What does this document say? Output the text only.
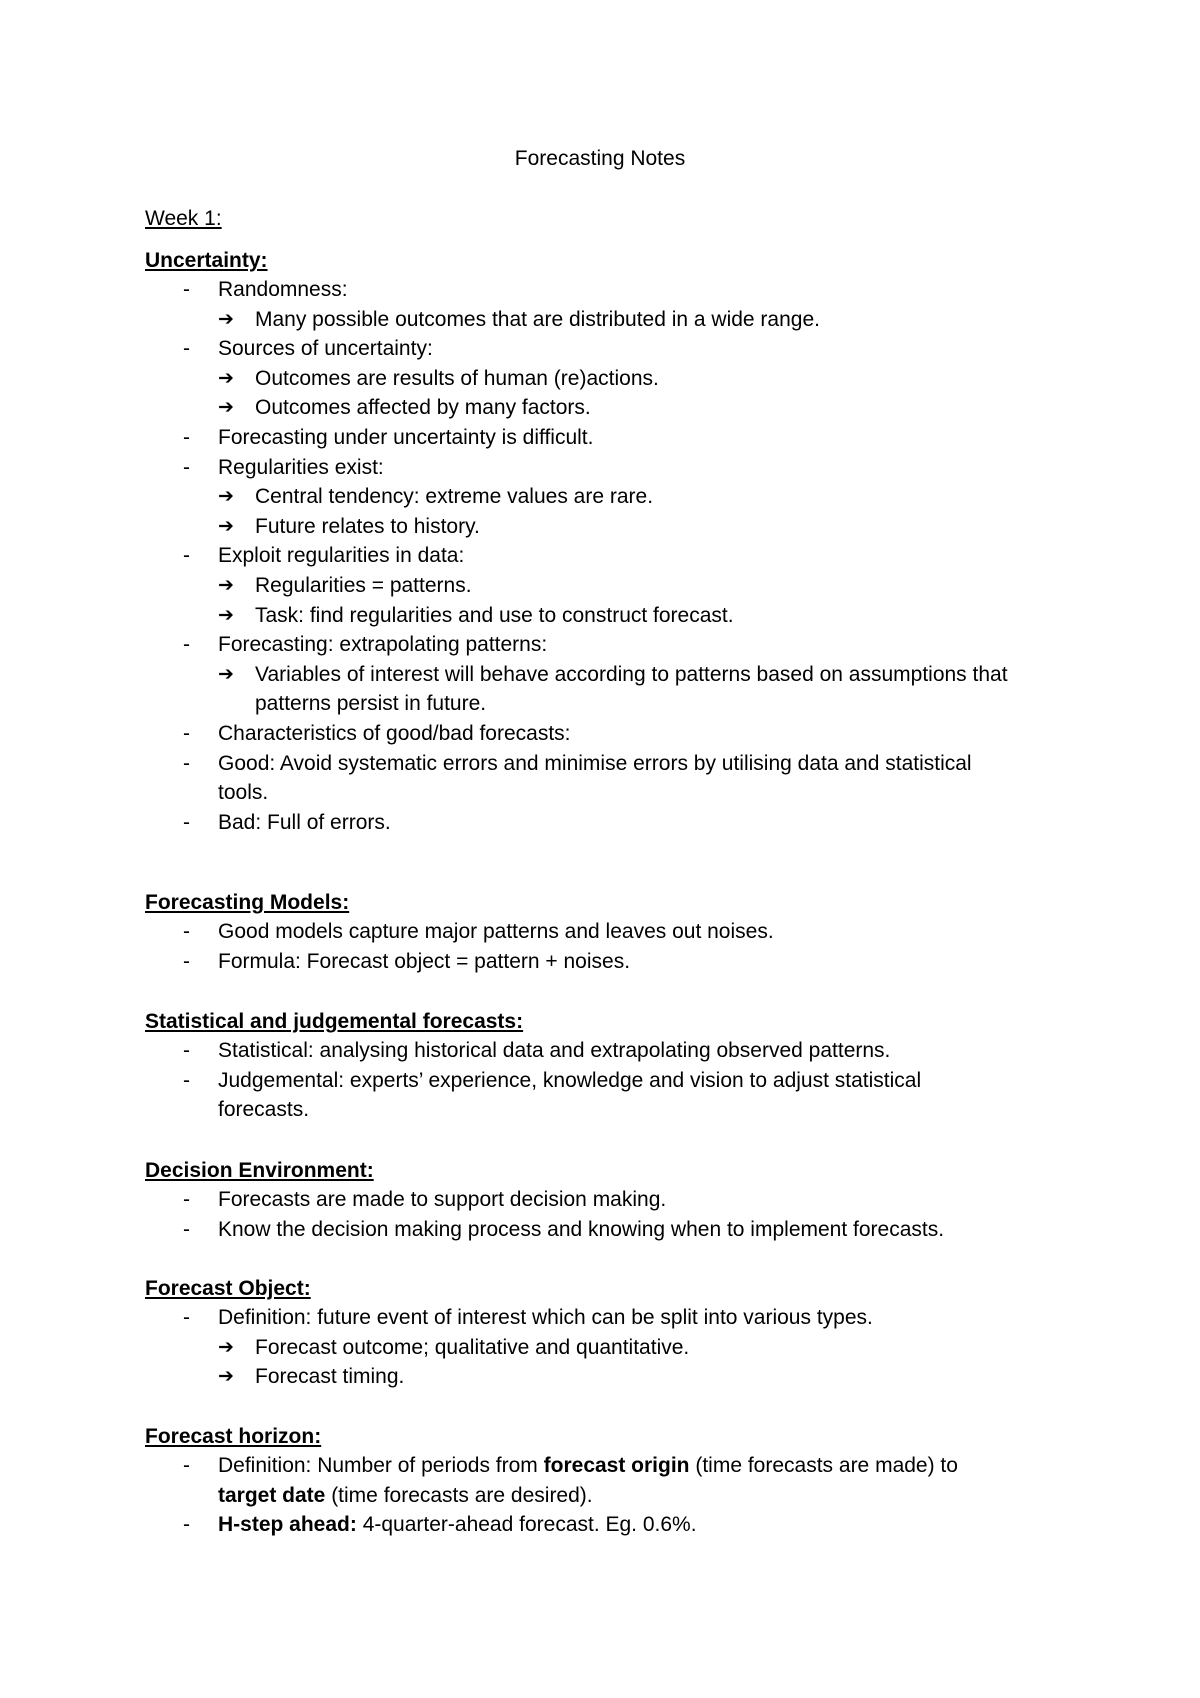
Forecasting Notes
Week 1:
Uncertainty:
- Randomness:
➔ Many possible outcomes that are distributed in a wide range.
- Sources of uncertainty:
➔ Outcomes are results of human (re)actions.
➔ Outcomes affected by many factors.
- Forecasting under uncertainty is difficult.
- Regularities exist:
➔ Central tendency: extreme values are rare.
➔ Future relates to history.
- Exploit regularities in data:
➔ Regularities = patterns.
➔ Task: find regularities and use to construct forecast.
- Forecasting: extrapolating patterns:
➔ Variables of interest will behave according to patterns based on assumptions that
patterns persist in future.
- Characteristics of good/bad forecasts:
- Good: Avoid systematic errors and minimise errors by utilising data and statistical
tools.
- Bad: Full of errors.
Forecasting Models:
- Good models capture major patterns and leaves out noises.
- Formula: Forecast object = pattern + noises.
Statistical and judgemental forecasts:
- Statistical: analysing historical data and extrapolating observed patterns.
- Judgemental: experts’ experience, knowledge and vision to adjust statistical
forecasts.
Decision Environment:
- Forecasts are made to support decision making.
- Know the decision making process and knowing when to implement forecasts.
Forecast Object:
- Definition: future event of interest which can be split into various types.
➔ Forecast outcome; qualitative and quantitative.
➔ Forecast timing.
Forecast horizon:
- Definition: Number of periods from forecast origin (time forecasts are made) to
target date (time forecasts are desired).
- H-step ahead: 4-quarter-ahead forecast. Eg. 0.6%.
